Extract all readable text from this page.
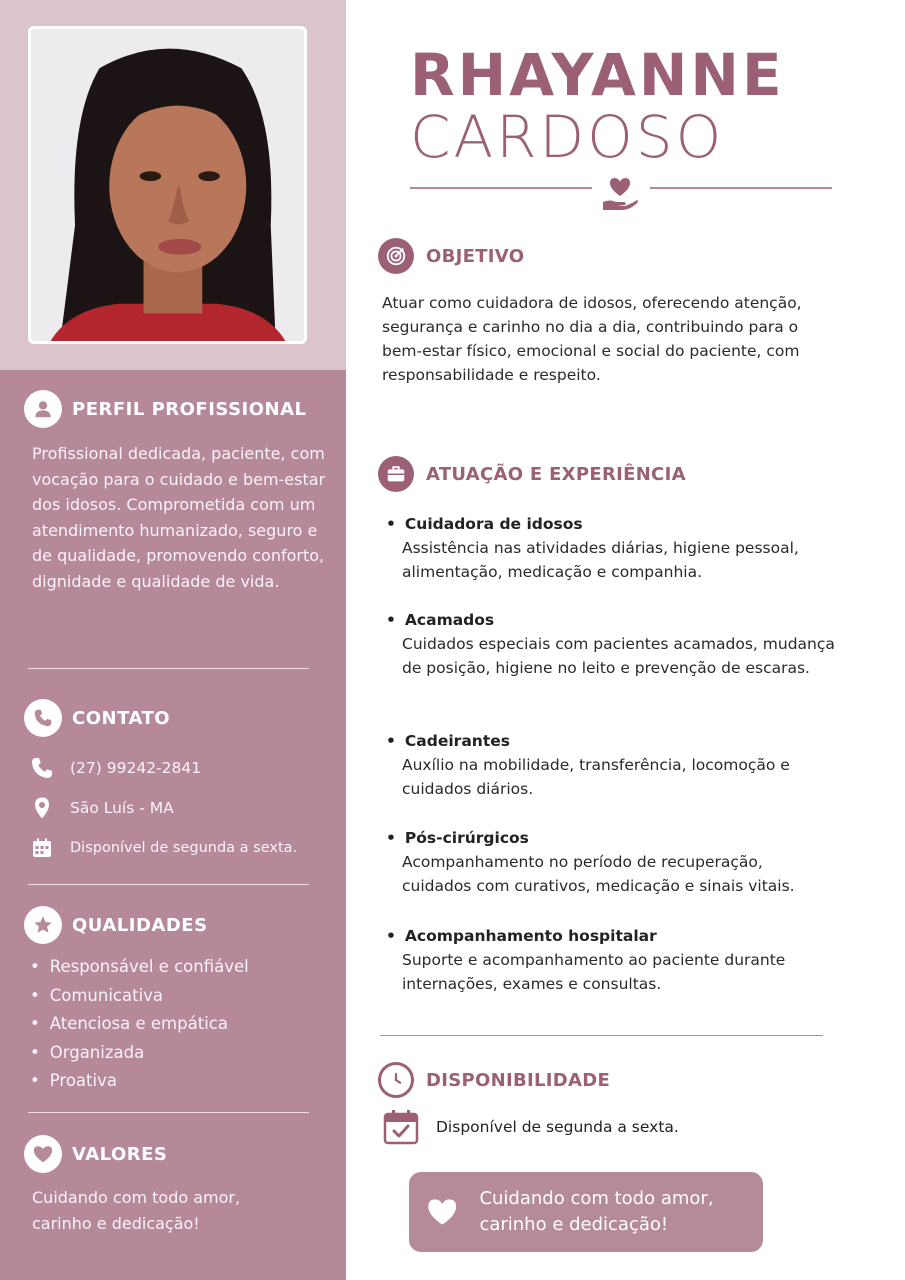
PERFIL PROFISSIONAL

Profissional dedicada, paciente, com vocação para o cuidado e bem-estar dos idosos. Comprometida com um atendimento humanizado, seguro e de qualidade, promovendo conforto, dignidade e qualidade de vida.

CONTATO
(27) 99242-2841
São Luís - MA
Disponível de segunda a sexta.
QUALIDADES
• Responsável e confiável
• Comunicativa
• Atenciosa e empática
• Organizada
• Proativa
VALORES

Cuidando com todo amor, carinho e dedicação!

RHAYANNE
CARDOSO
OBJETIVO

Atuar como cuidadora de idosos, oferecendo atenção, segurança e carinho no dia a dia, contribuindo para o bem-estar físico, emocional e social do paciente, com responsabilidade e respeito.

ATUAÇÃO E EXPERIÊNCIA
• Cuidadora de idosos
Assistência nas atividades diárias, higiene pessoal, alimentação, medicação e companhia.
• Acamados
Cuidados especiais com pacientes acamados, mudança de posição, higiene no leito e prevenção de escaras.
• Cadeirantes
Auxílio na mobilidade, transferência, locomoção e cuidados diários.
• Pós-cirúrgicos
Acompanhamento no período de recuperação, cuidados com curativos, medicação e sinais vitais.
• Acompanhamento hospitalar
Suporte e acompanhamento ao paciente durante internações, exames e consultas.
DISPONIBILIDADE
Disponível de segunda a sexta.

Cuidando com todo amor, carinho e dedicação!
